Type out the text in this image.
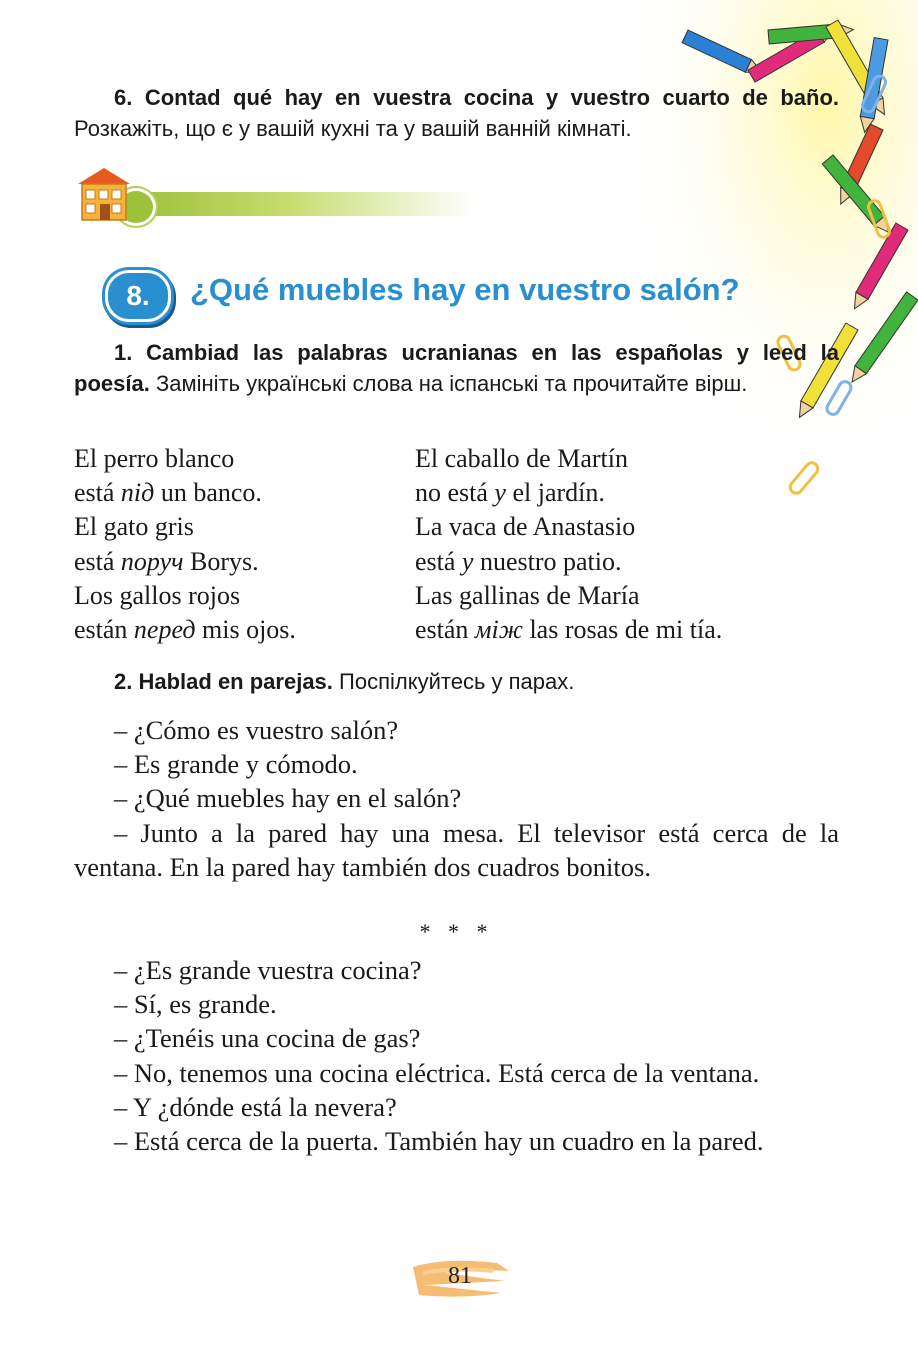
6. Contad qué hay en vuestra cocina y vuestro cuarto de baño. Розкажіть, що є у вашій кухні та у вашій ванній кімнаті.
8.	¿Qué muebles hay en vuestro salón?
1. Cambiad las palabras ucranianas en las españolas y leed la poesía. Замініть українські слова на іспанські та прочитайте вірш.
El perro blanco
está під un banco.
El gato gris
está поруч Borys.
Los gallos rojos
están перед mis ojos.
El caballo de Martín
no está у el jardín.
La vaca de Anastasio
está у nuestro patio.
Las gallinas de María
están між las rosas de mi tía.
2. Hablad en parejas. Поспілкуйтесь у парах.

– ¿Cómo es vuestro salón?

– Es grande y cómodo.

– ¿Qué muebles hay en el salón?

– Junto a la pared hay una mesa. El televisor está cerca de la ventana. En la pared hay también dos cuadros bonitos.

* * *

– ¿Es grande vuestra cocina?

– Sí, es grande.

– ¿Tenéis una cocina de gas?

– No, tenemos una cocina eléctrica. Está cerca de la ventana.

– Y ¿dónde está la nevera?

– Está cerca de la puerta. También hay un cuadro en la pared.

81
